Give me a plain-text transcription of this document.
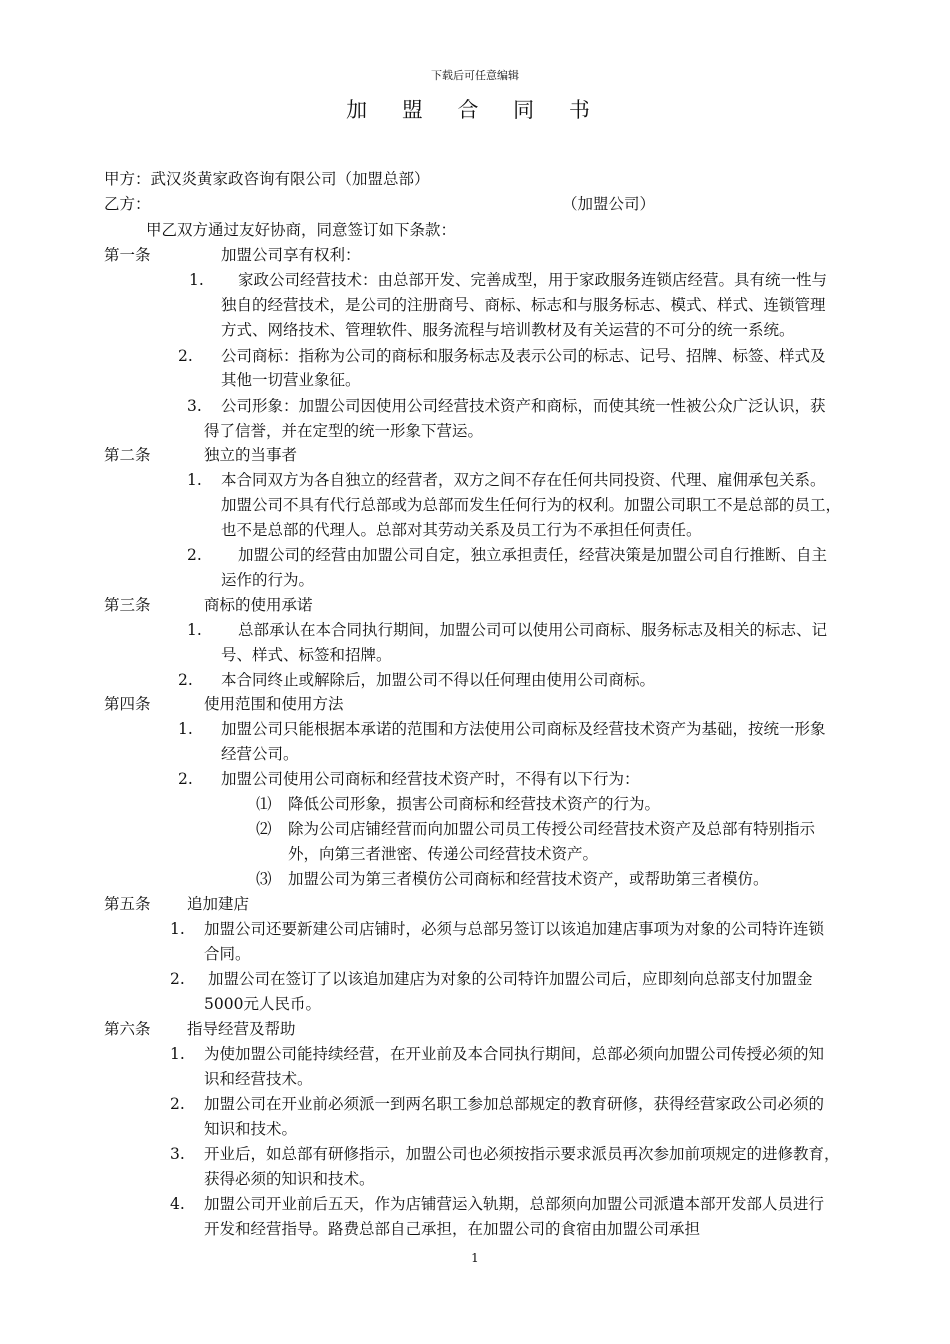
下载后可任意编辑
加 盟 合 同 书
甲方：武汉炎黄家政咨询有限公司（加盟总部）
乙方：	（加盟公司）
甲乙双方通过友好协商，同意签订如下条款：
第一条	加盟公司享有权利：
1. 家政公司经营技术：由总部开发、完善成型，用于家政服务连锁店经营。具有统一性与
独自的经营技术，是公司的注册商号、商标、标志和与服务标志、模式、样式、连锁管理
方式、网络技术、管理软件、服务流程与培训教材及有关运营的不可分的统一系统。
2. 公司商标：指称为公司的商标和服务标志及表示公司的标志、记号、招牌、标签、样式及
其他一切营业象征。
3. 公司形象：加盟公司因使用公司经营技术资产和商标，而使其统一性被公众广泛认识，获
得了信誉，并在定型的统一形象下营运。
第二条	独立的当事者
1. 本合同双方为各自独立的经营者，双方之间不存在任何共同投资、代理、雇佣承包关系。
加盟公司不具有代行总部或为总部而发生任何行为的权利。加盟公司职工不是总部的员工，
也不是总部的代理人。总部对其劳动关系及员工行为不承担任何责任。
2. 加盟公司的经营由加盟公司自定，独立承担责任，经营决策是加盟公司自行推断、自主
运作的行为。
第三条	商标的使用承诺
1. 总部承认在本合同执行期间，加盟公司可以使用公司商标、服务标志及相关的标志、记
号、样式、标签和招牌。
2. 本合同终止或解除后，加盟公司不得以任何理由使用公司商标。
第四条	使用范围和使用方法
1. 加盟公司只能根据本承诺的范围和方法使用公司商标及经营技术资产为基础，按统一形象
经营公司。
2. 加盟公司使用公司商标和经营技术资产时，不得有以下行为：
⑴ 降低公司形象，损害公司商标和经营技术资产的行为。
⑵ 除为公司店铺经营而向加盟公司员工传授公司经营技术资产及总部有特别指示
外，向第三者泄密、传递公司经营技术资产。
⑶ 加盟公司为第三者模仿公司商标和经营技术资产，或帮助第三者模仿。
第五条 追加建店
1. 加盟公司还要新建公司店铺时，必须与总部另签订以该追加建店事项为对象的公司特许连锁
合同。
2. 加盟公司在签订了以该追加建店为对象的公司特许加盟公司后，应即刻向总部支付加盟金
5000元人民币。
第六条 指导经营及帮助
1. 为使加盟公司能持续经营，在开业前及本合同执行期间，总部必须向加盟公司传授必须的知
识和经营技术。
2. 加盟公司在开业前必须派一到两名职工参加总部规定的教育研修，获得经营家政公司必须的
知识和技术。
3. 开业后，如总部有研修指示，加盟公司也必须按指示要求派员再次参加前项规定的进修教育，
获得必须的知识和技术。
4. 加盟公司开业前后五天，作为店铺营运入轨期，总部须向加盟公司派遣本部开发部人员进行
开发和经营指导。路费总部自己承担，在加盟公司的食宿由加盟公司承担
1
